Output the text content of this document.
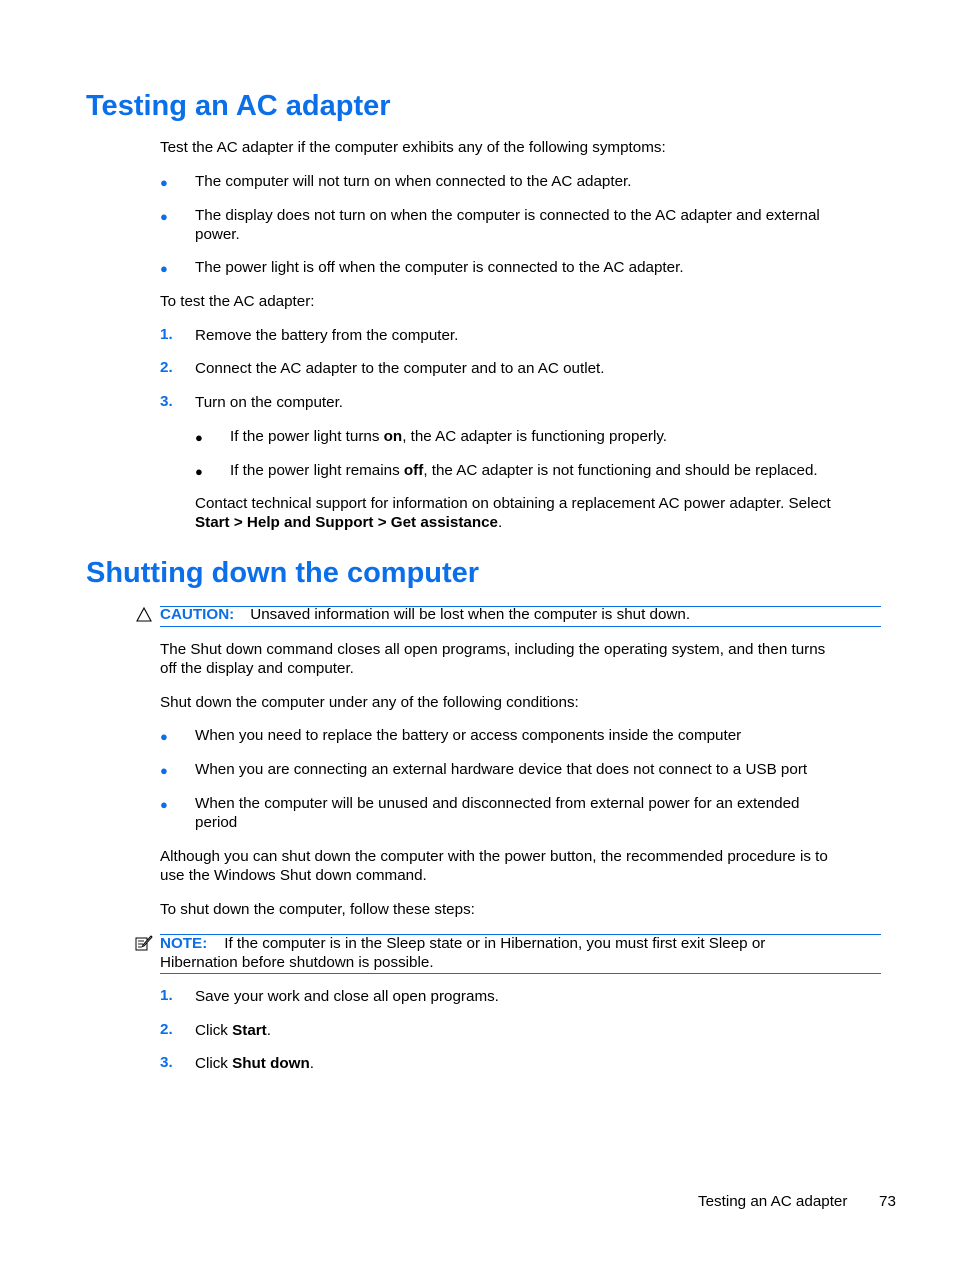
Testing an AC adapter
Test the AC adapter if the computer exhibits any of the following symptoms:
● The computer will not turn on when connected to the AC adapter.
● The display does not turn on when the computer is connected to the AC adapter and external
power.
● The power light is off when the computer is connected to the AC adapter.
To test the AC adapter:
1. Remove the battery from the computer.
2. Connect the AC adapter to the computer and to an AC outlet.
3. Turn on the computer.
● If the power light turns on, the AC adapter is functioning properly.
● If the power light remains off, the AC adapter is not functioning and should be replaced.
Contact technical support for information on obtaining a replacement AC power adapter. Select
Start > Help and Support > Get assistance.
Shutting down the computer
CAUTION: Unsaved information will be lost when the computer is shut down.
The Shut down command closes all open programs, including the operating system, and then turns
off the display and computer.
Shut down the computer under any of the following conditions:
● When you need to replace the battery or access components inside the computer
● When you are connecting an external hardware device that does not connect to a USB port
● When the computer will be unused and disconnected from external power for an extended
period
Although you can shut down the computer with the power button, the recommended procedure is to
use the Windows Shut down command.
To shut down the computer, follow these steps:
NOTE: If the computer is in the Sleep state or in Hibernation, you must first exit Sleep or
Hibernation before shutdown is possible.
1. Save your work and close all open programs.
2. Click Start.
3. Click Shut down.
Testing an AC adapter 73
